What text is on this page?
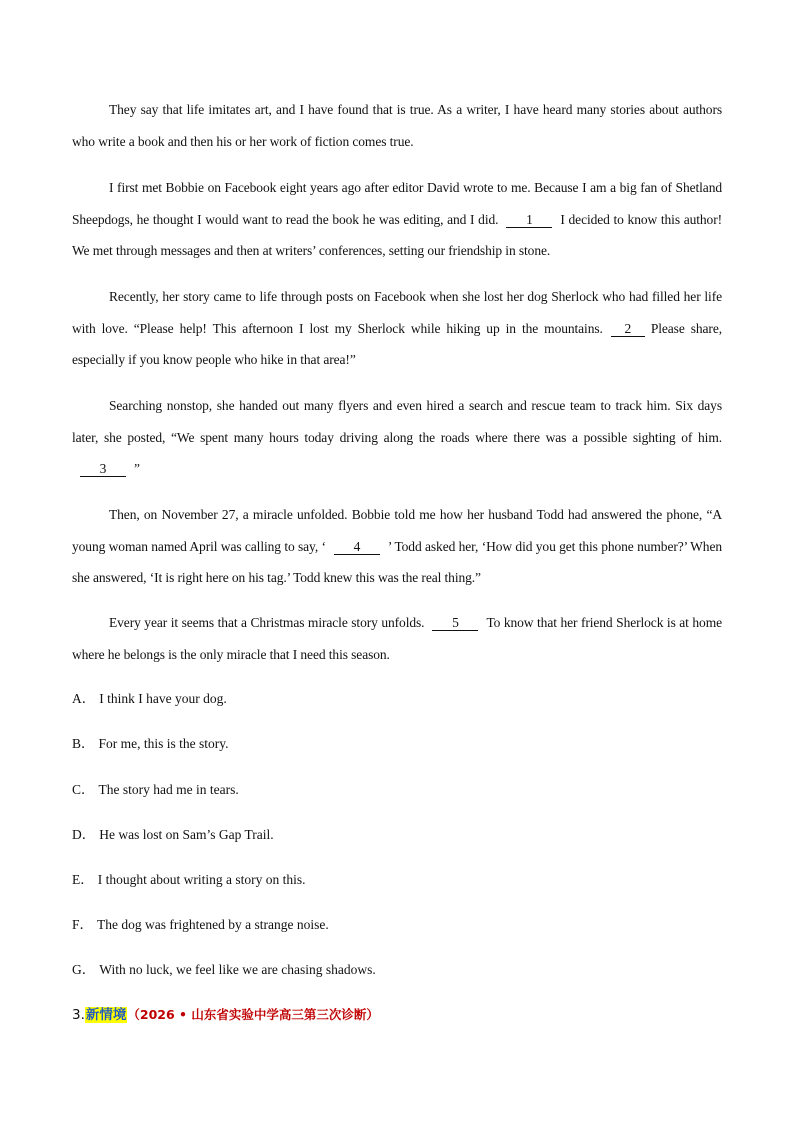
They say that life imitates art, and I have found that is true. As a writer, I have heard many stories about authors who write a book and then his or her work of fiction comes true.

I first met Bobbie on Facebook eight years ago after editor David wrote to me. Because I am a big fan of Shetland Sheepdogs, he thought I would want to read the book he was editing, and I did. 1 I decided to know this author! We met through messages and then at writers’ conferences, setting our friendship in stone.

Recently, her story came to life through posts on Facebook when she lost her dog Sherlock who had filled her life with love. “Please help! This afternoon I lost my Sherlock while hiking up in the mountains. 2 Please share, especially if you know people who hike in that area!”

Searching nonstop, she handed out many flyers and even hired a search and rescue team to track him. Six days later, she posted, “We spent many hours today driving along the roads where there was a possible sighting of him.3 ”

Then, on November 27, a miracle unfolded. Bobbie told me how her husband Todd had answered the phone, “A young woman named April was calling to say, ‘ 4 ’ Todd asked her, ‘How did you get this phone number?’ When she answered, ‘It is right here on his tag.’ Todd knew this was the real thing.”

Every year it seems that a Christmas miracle story unfolds. 5 To know that her friend Sherlock is at home where he belongs is the only miracle that I need this season.

A． I think I have your dog.
B． For me, this is the story.
C． The story had me in tears.
D． He was lost on Sam’s Gap Trail.
E． I thought about writing a story on this.
F． The dog was frightened by a strange noise.
G． With no luck, we feel like we are chasing shadows.
3.新情境（2026 • 山东省实验中学高三第三次诊断）
